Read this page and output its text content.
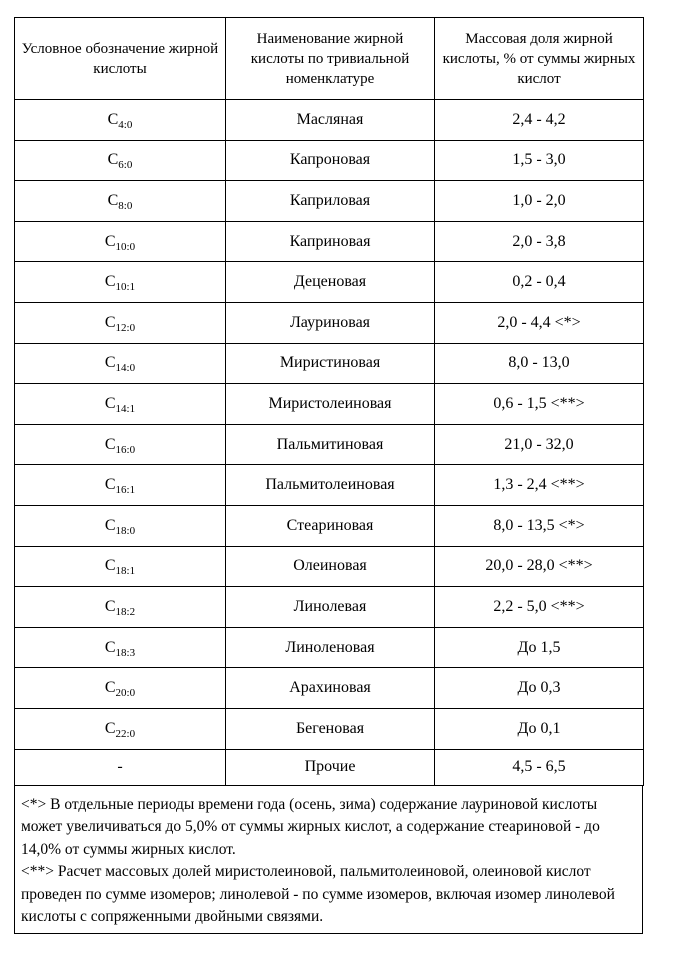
Условное обозначение жирной кислоты	Наименование жирной кислоты по тривиальной номенклатуре	Массовая доля жирной кислоты, % от суммы жирных кислот
$C_{4:0}$	Масляная	2,4 - 4,2
$C_{6:0}$	Капроновая	1,5 - 3,0
$C_{8:0}$	Каприловая	1,0 - 2,0
$C_{10:0}$	Каприновая	2,0 - 3,8
$C_{10:1}$	Деценовая	0,2 - 0,4
$C_{12:0}$	Лауриновая	2,0 - 4,4 <*>
$C_{14:0}$	Миристиновая	8,0 - 13,0
$C_{14:1}$	Миристолеиновая	0,6 - 1,5 <**>
$C_{16:0}$	Пальмитиновая	21,0 - 32,0
$C_{16:1}$	Пальмитолеиновая	1,3 - 2,4 <**>
$C_{18:0}$	Стеариновая	8,0 - 13,5 <*>
$C_{18:1}$	Олеиновая	20,0 - 28,0 <**>
$C_{18:2}$	Линолевая	2,2 - 5,0 <**>
$C_{18:3}$	Линоленовая	До 1,5
$C_{20:0}$	Арахиновая	До 0,3
$C_{22:0}$	Бегеновая	До 0,1
-	Прочие	4,5 - 6,5

<*> В отдельные периоды времени года (осень, зима) содержание лауриновой кислоты может увеличиваться до 5,0% от суммы жирных кислот, а содержание стеариновой - до 14,0% от суммы жирных кислот.

<**> Расчет массовых долей миристолеиновой, пальмитолеиновой, олеиновой кислот проведен по сумме изомеров; линолевой - по сумме изомеров, включая изомер линолевой кислоты с сопряженными двойными связями.
